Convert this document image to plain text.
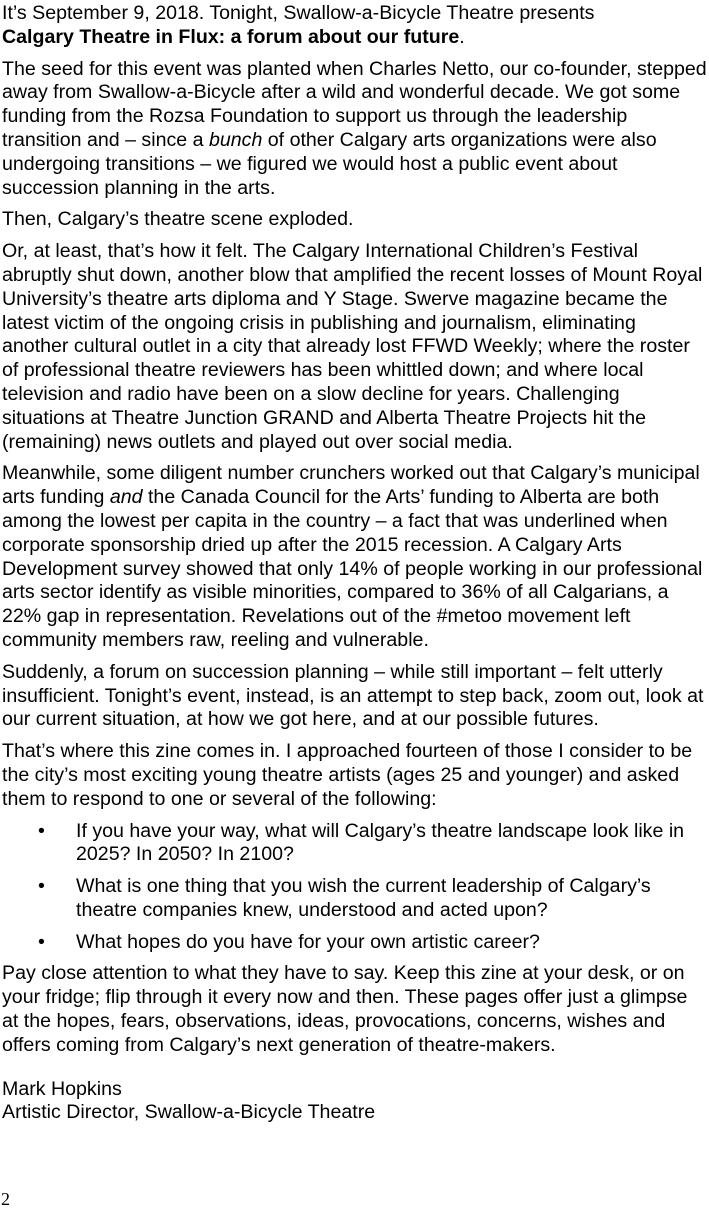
It’s September 9, 2018. Tonight, Swallow-a-Bicycle Theatre presents
Calgary Theatre in Flux: a forum about our future.

The seed for this event was planted when Charles Netto, our co-founder, stepped away from Swallow-a-Bicycle after a wild and wonderful decade. We got some funding from the Rozsa Foundation to support us through the leadership transition and – since a bunch of other Calgary arts organizations were also undergoing transitions – we figured we would host a public event about succession planning in the arts.

Then, Calgary’s theatre scene exploded.

Or, at least, that’s how it felt. The Calgary International Children’s Festival abruptly shut down, another blow that amplified the recent losses of Mount Royal University’s theatre arts diploma and Y Stage. Swerve magazine became the latest victim of the ongoing crisis in publishing and journalism, eliminating another cultural outlet in a city that already lost FFWD Weekly; where the roster of professional theatre reviewers has been whittled down; and where local television and radio have been on a slow decline for years. Challenging situations at Theatre Junction GRAND and Alberta Theatre Projects hit the (remaining) news outlets and played out over social media.

Meanwhile, some diligent number crunchers worked out that Calgary’s municipal arts funding and the Canada Council for the Arts’ funding to Alberta are both among the lowest per capita in the country – a fact that was underlined when corporate sponsorship dried up after the 2015 recession. A Calgary Arts Development survey showed that only 14% of people working in our professional arts sector identify as visible minorities, compared to 36% of all Calgarians, a 22% gap in representation. Revelations out of the #metoo movement left community members raw, reeling and vulnerable.

Suddenly, a forum on succession planning – while still important – felt utterly insufficient. Tonight’s event, instead, is an attempt to step back, zoom out, look at our current situation, at how we got here, and at our possible futures.

That’s where this zine comes in. I approached fourteen of those I consider to be the city’s most exciting young theatre artists (ages 25 and younger) and asked them to respond to one or several of the following:

• If you have your way, what will Calgary’s theatre landscape look like in 2025? In 2050? In 2100?
• What is one thing that you wish the current leadership of Calgary’s theatre companies knew, understood and acted upon?
• What hopes do you have for your own artistic career?

Pay close attention to what they have to say. Keep this zine at your desk, or on your fridge; flip through it every now and then. These pages offer just a glimpse at the hopes, fears, observations, ideas, provocations, concerns, wishes and offers coming from Calgary’s next generation of theatre-makers.

Mark Hopkins
Artistic Director, Swallow-a-Bicycle Theatre
2
